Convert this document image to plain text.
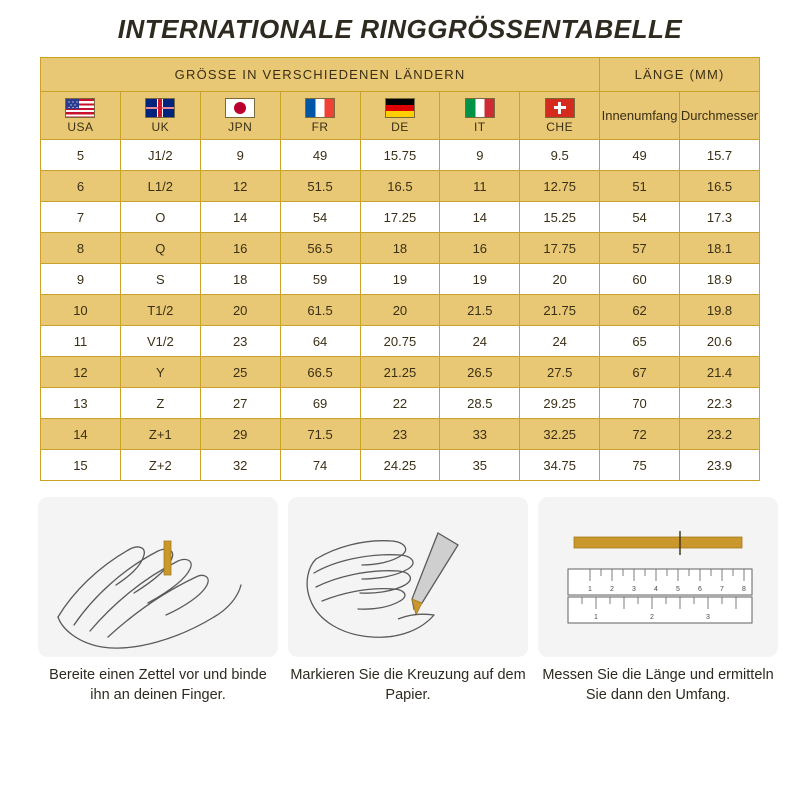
INTERNATIONALE RINGGRÖSSENTABELLE
GRÖSSE IN VERSCHIEDENEN LÄNDERN							LÄNGE (MM)	

USA	UK	JPN	FR	DE	IT	CHE	Innenumfang	Durchmesser
5	J1/2	9	49	15.75	9	9.5	49	15.7
6	L1/2	12	51.5	16.5	11	12.75	51	16.5
7	O	14	54	17.25	14	15.25	54	17.3
8	Q	16	56.5	18	16	17.75	57	18.1
9	S	18	59	19	19	20	60	18.9
10	T1/2	20	61.5	20	21.5	21.75	62	19.8
11	V1/2	23	64	20.75	24	24	65	20.6
12	Y	25	66.5	21.25	26.5	27.5	67	21.4
13	Z	27	69	22	28.5	29.25	70	22.3
14	Z+1	29	71.5	23	33	32.25	72	23.2
15	Z+2	32	74	24.25	35	34.75	75	23.9
Bereite einen Zettel vor und binde ihn an deinen Finger.
Markieren Sie die Kreuzung auf dem Papier.
1	2	3	4	5	6	7	8
1	2	3
Messen Sie die Länge und ermitteln Sie dann den Umfang.
